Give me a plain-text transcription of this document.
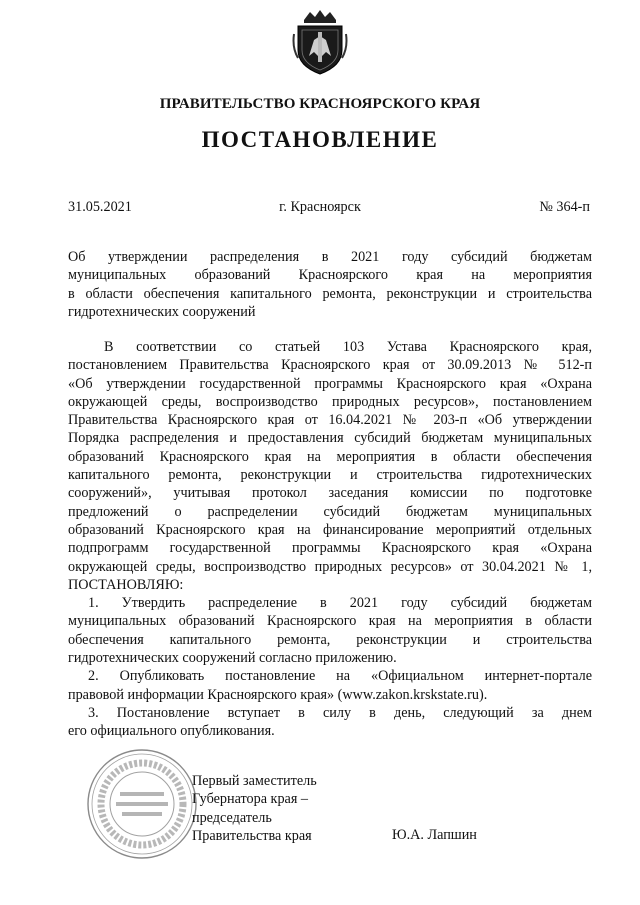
ПРАВИТЕЛЬСТВО КРАСНОЯРСКОГО КРАЯ
ПОСТАНОВЛЕНИЕ
31.05.2021	г. Красноярск	№ 364-п
Об утверждении распределения в 2021 году субсидий бюджетам
муниципальных образований Красноярского края на мероприятия
в области обеспечения капитального ремонта, реконструкции и строительства
гидротехнических сооружений
В соответствии со статьей 103 Устава Красноярского края,
постановлением Правительства Красноярского края от 30.09.2013 № 512-п
«Об утверждении государственной программы Красноярского края «Охрана
окружающей среды, воспроизводство природных ресурсов», постановлением
Правительства Красноярского края от 16.04.2021 № 203-п «Об утверждении
Порядка распределения и предоставления субсидий бюджетам муниципальных
образований Красноярского края на мероприятия в области обеспечения
капитального ремонта, реконструкции и строительства гидротехнических
сооружений», учитывая протокол заседания комиссии по подготовке
предложений о распределении субсидий бюджетам муниципальных
образований Красноярского края на финансирование мероприятий отдельных
подпрограмм государственной программы Красноярского края «Охрана
окружающей среды, воспроизводство природных ресурсов» от 30.04.2021 № 1,
ПОСТАНОВЛЯЮ:
1. Утвердить распределение в 2021 году субсидий бюджетам
муниципальных образований Красноярского края на мероприятия в области
обеспечения капитального ремонта, реконструкции и строительства
гидротехнических сооружений согласно приложению.
2. Опубликовать постановление на «Официальном интернет-портале
правовой информации Красноярского края» (www.zakon.krskstate.ru).
3. Постановление вступает в силу в день, следующий за днем
его официального опубликования.
Первый заместитель
Губернатора края –
председатель
Правительства края	Ю.А. Лапшин
